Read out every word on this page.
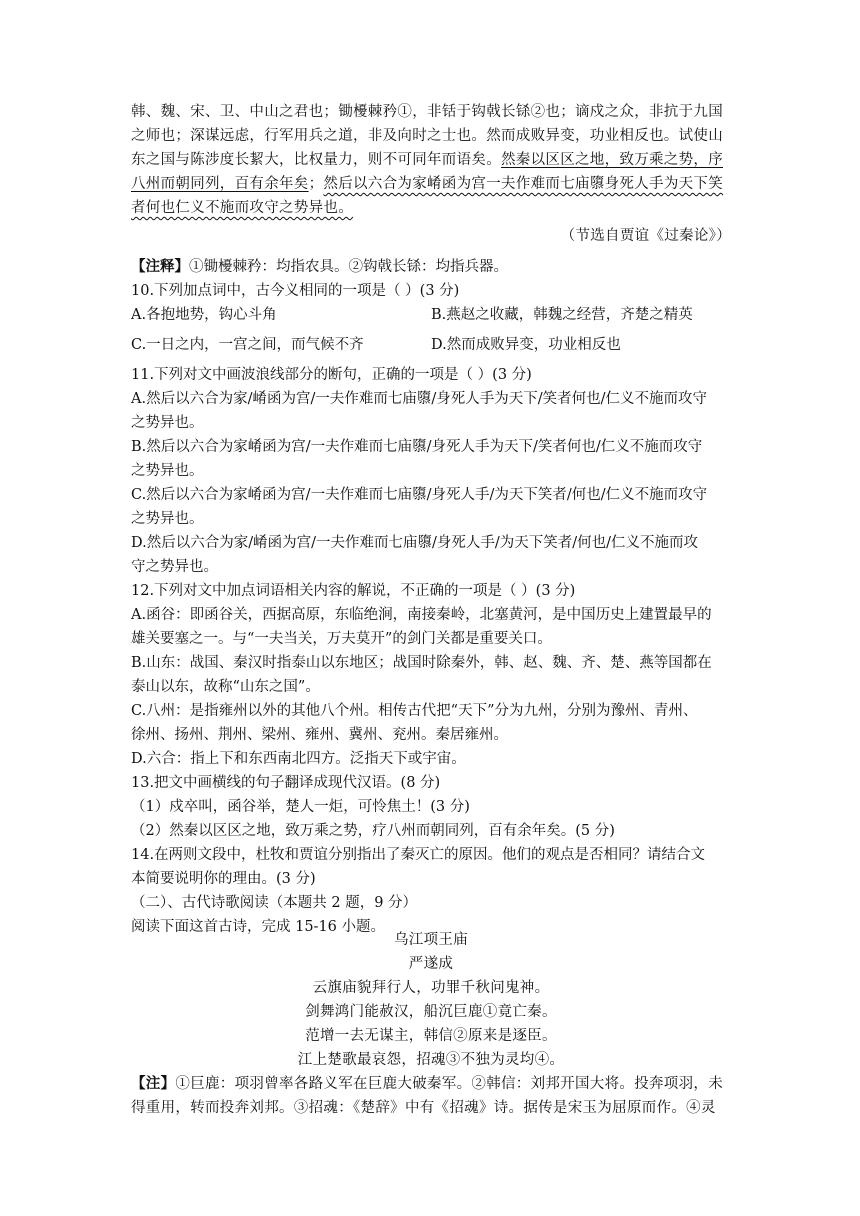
韩、魏、宋、卫、中山之君也；锄櫌棘矜①，非铦于钩戟长铩②也；谪戍之众，非抗于九国
之师也；深谋远虑，行军用兵之道，非及向时之士也。然而成败异变，功业相反也。试使山
东之国与陈涉度长絜大，比权量力，则不可同年而语矣。然秦以区区之地，致万乘之势，序
八州而朝同列，百有余年矣；然后以六合为家崤函为宫一夫作难而七庙隳身死人手为天下笑
者何也仁义不施而攻守之势异也。
（节选自贾谊《过秦论》）
【注释】①锄櫌棘矜：均指农具。②钩戟长铩：均指兵器。
10.下列加点词中，古今义相同的一项是（ ）(3 分)
A.各抱地势，钩心斗角	B.燕赵之收藏，韩魏之经营，齐楚之精英
C.一日之内，一宫之间，而气候不齐	D.然而成败异变，功业相反也
11.下列对文中画波浪线部分的断句，正确的一项是（ ）(3 分)
A.然后以六合为家/崤函为宫/一夫作难而七庙隳/身死人手为天下/笑者何也/仁义不施而攻守
之势异也。
B.然后以六合为家崤函为宫/一夫作难而七庙隳/身死人手为天下/笑者何也/仁义不施而攻守
之势异也。
C.然后以六合为家崤函为宫/一夫作难而七庙隳/身死人手/为天下笑者/何也/仁义不施而攻守
之势异也。
D.然后以六合为家/崤函为宫/一夫作难而七庙隳/身死人手/为天下笑者/何也/仁义不施而攻
守之势异也。
12.下列对文中加点词语相关内容的解说，不正确的一项是（ ）(3 分)
A.函谷：即函谷关，西据高原，东临绝涧，南接秦岭，北塞黄河，是中国历史上建置最早的
雄关要塞之一。与“一夫当关，万夫莫开”的剑门关都是重要关口。
B.山东：战国、秦汉时指泰山以东地区；战国时除秦外，韩、赵、魏、齐、楚、燕等国都在
泰山以东，故称“山东之国”。
C.八州：是指雍州以外的其他八个州。相传古代把“天下”分为九州，分别为豫州、青州、
徐州、扬州、荆州、梁州、雍州、冀州、兖州。秦居雍州。
D.六合：指上下和东西南北四方。泛指天下或宇宙。
13.把文中画横线的句子翻译成现代汉语。(8 分)
（1）戍卒叫，函谷举，楚人一炬，可怜焦土！(3 分)
（2）然秦以区区之地，致万乘之势，疗八州而朝同列，百有余年矣。(5 分)
14.在两则文段中，杜牧和贾谊分别指出了秦灭亡的原因。他们的观点是否相同？请结合文
本简要说明你的理由。(3 分)
（二）、古代诗歌阅读（本题共 2 题，9 分）
阅读下面这首古诗，完成 15-16 小题。
乌江项王庙
严遂成
云旗庙貌拜行人，功罪千秋问鬼神。
剑舞鸿门能赦汉，船沉巨鹿①竟亡秦。
范增一去无谋主，韩信②原来是逐臣。
江上楚歌最哀怨，招魂③不独为灵均④。
【注】①巨鹿：项羽曾率各路义军在巨鹿大破秦军。②韩信：刘邦开国大将。投奔项羽，未
得重用，转而投奔刘邦。③招魂：《楚辞》中有《招魂》诗。据传是宋玉为屈原而作。④灵
